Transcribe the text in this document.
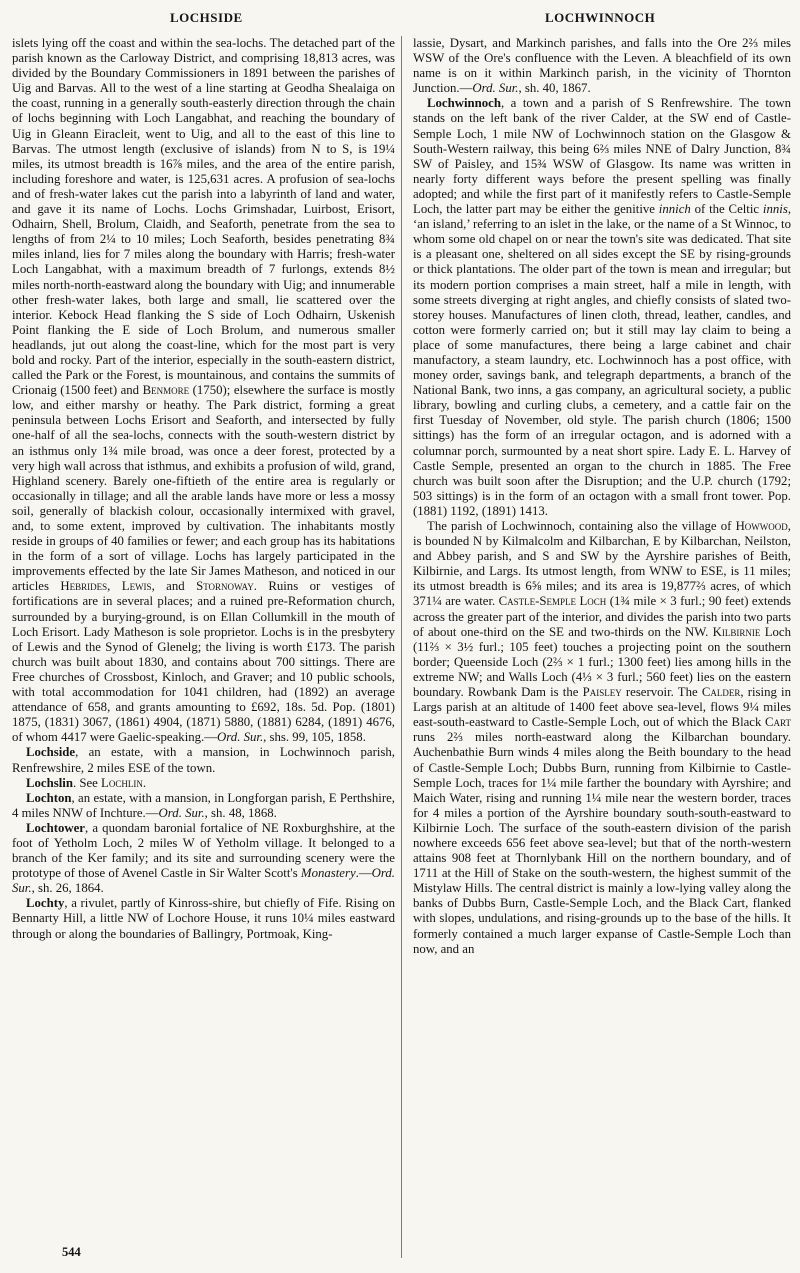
LOCHSIDE	LOCHWINNOCH

islets lying off the coast and within the sea-lochs. The detached part of the parish known as the Carloway District, and comprising 18,813 acres, was divided by the Boundary Commissioners in 1891 between the parishes of Uig and Barvas. All to the west of a line starting at Geodha Shealaiga on the coast, running in a generally south-easterly direction through the chain of lochs beginning with Loch Langabhat, and reaching the boundary of Uig in Gleann Eiracleit, went to Uig, and all to the east of this line to Barvas. The utmost length (exclusive of islands) from N to S, is 19¼ miles, its utmost breadth is 16⅞ miles, and the area of the entire parish, including foreshore and water, is 125,631 acres. A profusion of sea-lochs and of fresh-water lakes cut the parish into a labyrinth of land and water, and gave it its name of Lochs. Lochs Grimshadar, Luirbost, Erisort, Odhairn, Shell, Brolum, Claidh, and Seaforth, penetrate from the sea to lengths of from 2¼ to 10 miles; Loch Seaforth, besides penetrating 8¾ miles inland, lies for 7 miles along the boundary with Harris; fresh-water Loch Langabhat, with a maximum breadth of 7 furlongs, extends 8½ miles north-north-eastward along the boundary with Uig; and innumerable other fresh-water lakes, both large and small, lie scattered over the interior. Kebock Head flanking the S side of Loch Odhairn, Uskenish Point flanking the E side of Loch Brolum, and numerous smaller headlands, jut out along the coast-line, which for the most part is very bold and rocky. Part of the interior, especially in the south-eastern district, called the Park or the Forest, is mountainous, and contains the summits of Crionaig (1500 feet) and Benmore (1750); elsewhere the surface is mostly low, and either marshy or heathy. The Park district, forming a great peninsula between Lochs Erisort and Seaforth, and intersected by fully one-half of all the sea-lochs, connects with the south-western district by an isthmus only 1¾ mile broad, was once a deer forest, protected by a very high wall across that isthmus, and exhibits a profusion of wild, grand, Highland scenery. Barely one-fiftieth of the entire area is regularly or occasionally in tillage; and all the arable lands have more or less a mossy soil, generally of blackish colour, occasionally intermixed with gravel, and, to some extent, improved by cultivation. The inhabitants mostly reside in groups of 40 families or fewer; and each group has its habitations in the form of a sort of village. Lochs has largely participated in the improvements effected by the late Sir James Matheson, and noticed in our articles Hebrides, Lewis, and Stornoway. Ruins or vestiges of fortifications are in several places; and a ruined pre-Reformation church, surrounded by a burying-ground, is on Ellan Collumkill in the mouth of Loch Erisort. Lady Matheson is sole proprietor. Lochs is in the presbytery of Lewis and the Synod of Glenelg; the living is worth £173. The parish church was built about 1830, and contains about 700 sittings. There are Free churches of Crossbost, Kinloch, and Graver; and 10 public schools, with total accommodation for 1041 children, had (1892) an average attendance of 658, and grants amounting to £692, 18s. 5d. Pop. (1801) 1875, (1831) 3067, (1861) 4904, (1871) 5880, (1881) 6284, (1891) 4676, of whom 4417 were Gaelic-speaking.—Ord. Sur., shs. 99, 105, 1858.

Lochside, an estate, with a mansion, in Lochwinnoch parish, Renfrewshire, 2 miles ESE of the town.

Lochslin. See Lochlin.

Lochton, an estate, with a mansion, in Longforgan parish, E Perthshire, 4 miles NNW of Inchture.—Ord. Sur., sh. 48, 1868.

Lochtower, a quondam baronial fortalice of NE Roxburghshire, at the foot of Yetholm Loch, 2 miles W of Yetholm village. It belonged to a branch of the Ker family; and its site and surrounding scenery were the prototype of those of Avenel Castle in Sir Walter Scott's Monastery.—Ord. Sur., sh. 26, 1864.

Lochty, a rivulet, partly of Kinross-shire, but chiefly of Fife. Rising on Bennarty Hill, a little NW of Lochore House, it runs 10¼ miles eastward through or along the boundaries of Ballingry, Portmoak, King-

lassie, Dysart, and Markinch parishes, and falls into the Ore 2⅔ miles WSW of the Ore's confluence with the Leven. A bleachfield of its own name is on it within Markinch parish, in the vicinity of Thornton Junction.—Ord. Sur., sh. 40, 1867.

Lochwinnoch, a town and a parish of S Renfrewshire. The town stands on the left bank of the river Calder, at the SW end of Castle-Semple Loch, 1 mile NW of Lochwinnoch station on the Glasgow & South-Western railway, this being 6⅔ miles NNE of Dalry Junction, 8¾ SW of Paisley, and 15¾ WSW of Glasgow. Its name was written in nearly forty different ways before the present spelling was finally adopted; and while the first part of it manifestly refers to Castle-Semple Loch, the latter part may be either the genitive innich of the Celtic innis, ‘an island,’ referring to an islet in the lake, or the name of a St Winnoc, to whom some old chapel on or near the town's site was dedicated. That site is a pleasant one, sheltered on all sides except the SE by rising-grounds or thick plantations. The older part of the town is mean and irregular; but its modern portion comprises a main street, half a mile in length, with some streets diverging at right angles, and chiefly consists of slated two-storey houses. Manufactures of linen cloth, thread, leather, candles, and cotton were formerly carried on; but it still may lay claim to being a place of some manufactures, there being a large cabinet and chair manufactory, a steam laundry, etc. Lochwinnoch has a post office, with money order, savings bank, and telegraph departments, a branch of the National Bank, two inns, a gas company, an agricultural society, a public library, bowling and curling clubs, a cemetery, and a cattle fair on the first Tuesday of November, old style. The parish church (1806; 1500 sittings) has the form of an irregular octagon, and is adorned with a columnar porch, surmounted by a neat short spire. Lady E. L. Harvey of Castle Semple, presented an organ to the church in 1885. The Free church was built soon after the Disruption; and the U.P. church (1792; 503 sittings) is in the form of an octagon with a small front tower. Pop. (1881) 1192, (1891) 1413.

The parish of Lochwinnoch, containing also the village of Howwood, is bounded N by Kilmalcolm and Kilbarchan, E by Kilbarchan, Neilston, and Abbey parish, and S and SW by the Ayrshire parishes of Beith, Kilbirnie, and Largs. Its utmost length, from WNW to ESE, is 11 miles; its utmost breadth is 6⅝ miles; and its area is 19,877⅔ acres, of which 371¼ are water. Castle-Semple Loch (1¾ mile × 3 furl.; 90 feet) extends across the greater part of the interior, and divides the parish into two parts of about one-third on the SE and two-thirds on the NW. Kilbirnie Loch (11⅔ × 3½ furl.; 105 feet) touches a projecting point on the southern border; Queenside Loch (2⅔ × 1 furl.; 1300 feet) lies among hills in the extreme NW; and Walls Loch (4⅓ × 3 furl.; 560 feet) lies on the eastern boundary. Rowbank Dam is the Paisley reservoir. The Calder, rising in Largs parish at an altitude of 1400 feet above sea-level, flows 9¼ miles east-south-eastward to Castle-Semple Loch, out of which the Black Cart runs 2⅔ miles north-eastward along the Kilbarchan boundary. Auchenbathie Burn winds 4 miles along the Beith boundary to the head of Castle-Semple Loch; Dubbs Burn, running from Kilbirnie to Castle-Semple Loch, traces for 1¼ mile farther the boundary with Ayrshire; and Maich Water, rising and running 1¼ mile near the western border, traces for 4 miles a portion of the Ayrshire boundary south-south-eastward to Kilbirnie Loch. The surface of the south-eastern division of the parish nowhere exceeds 656 feet above sea-level; but that of the north-western attains 908 feet at Thornlybank Hill on the northern boundary, and of 1711 at the Hill of Stake on the south-western, the highest summit of the Mistylaw Hills. The central district is mainly a low-lying valley along the banks of Dubbs Burn, Castle-Semple Loch, and the Black Cart, flanked with slopes, undulations, and rising-grounds up to the base of the hills. It formerly contained a much larger expanse of Castle-Semple Loch than now, and an

544
